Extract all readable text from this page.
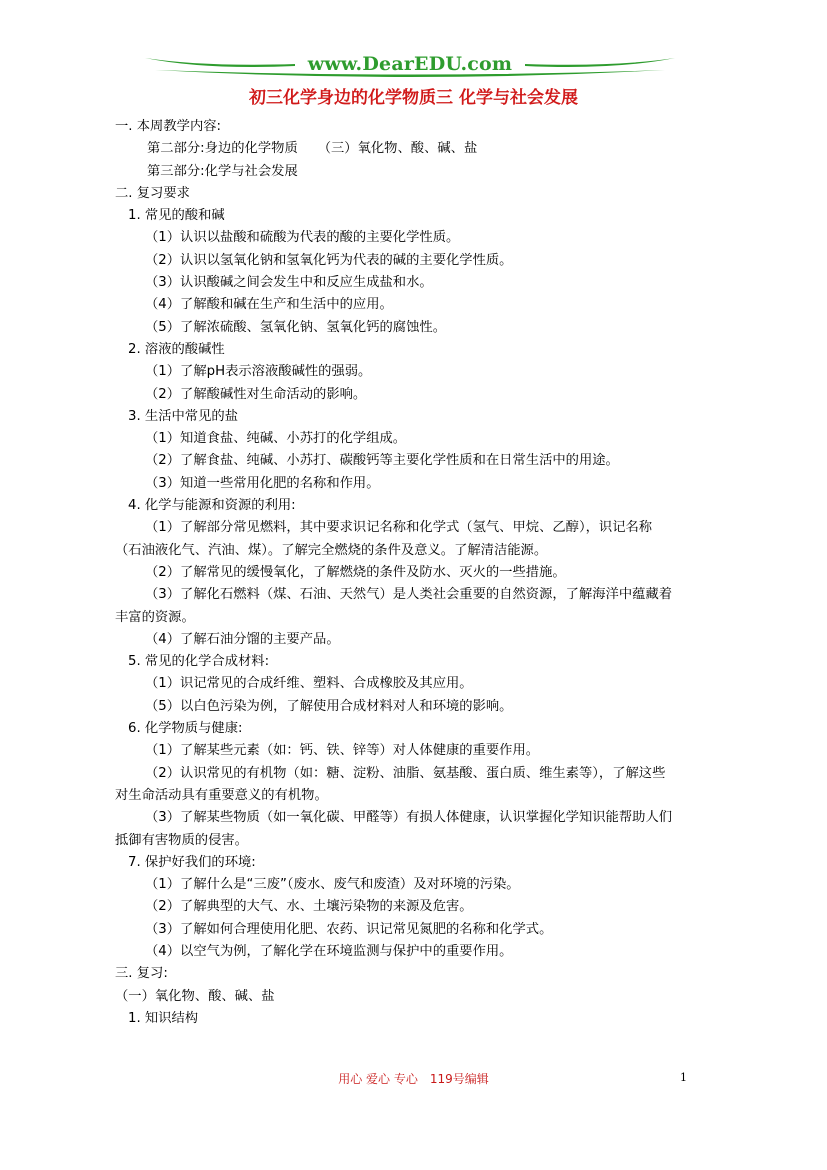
www.DearEDU.com
初三化学身边的化学物质三 化学与社会发展
一. 本周教学内容:
第二部分:身边的化学物质　　（三）氧化物、酸、碱、盐
第三部分:化学与社会发展
二. 复习要求
1. 常见的酸和碱
（1）认识以盐酸和硫酸为代表的酸的主要化学性质。
（2）认识以氢氧化钠和氢氧化钙为代表的碱的主要化学性质。
（3）认识酸碱之间会发生中和反应生成盐和水。
（4）了解酸和碱在生产和生活中的应用。
（5）了解浓硫酸、氢氧化钠、氢氧化钙的腐蚀性。
2. 溶液的酸碱性
（1）了解pH表示溶液酸碱性的强弱。
（2）了解酸碱性对生命活动的影响。
3. 生活中常见的盐
（1）知道食盐、纯碱、小苏打的化学组成。
（2）了解食盐、纯碱、小苏打、碳酸钙等主要化学性质和在日常生活中的用途。
（3）知道一些常用化肥的名称和作用。
4. 化学与能源和资源的利用:
（1）了解部分常见燃料，其中要求识记名称和化学式（氢气、甲烷、乙醇），识记名称
（石油液化气、汽油、煤）。了解完全燃烧的条件及意义。了解清洁能源。
（2）了解常见的缓慢氧化，了解燃烧的条件及防水、灭火的一些措施。
（3）了解化石燃料（煤、石油、天然气）是人类社会重要的自然资源，了解海洋中蕴藏着
丰富的资源。
（4）了解石油分馏的主要产品。
5. 常见的化学合成材料:
（1）识记常见的合成纤维、塑料、合成橡胶及其应用。
（5）以白色污染为例，了解使用合成材料对人和环境的影响。
6. 化学物质与健康:
（1）了解某些元素（如：钙、铁、锌等）对人体健康的重要作用。
（2）认识常见的有机物（如：糖、淀粉、油脂、氨基酸、蛋白质、维生素等），了解这些
对生命活动具有重要意义的有机物。
（3）了解某些物质（如一氧化碳、甲醛等）有损人体健康，认识掌握化学知识能帮助人们
抵御有害物质的侵害。
7. 保护好我们的环境:
（1）了解什么是“三废”（废水、废气和废渣）及对环境的污染。
（2）了解典型的大气、水、土壤污染物的来源及危害。
（3）了解如何合理使用化肥、农药、识记常见氮肥的名称和化学式。
（4）以空气为例，了解化学在环境监测与保护中的重要作用。
三. 复习:
（一）氧化物、酸、碱、盐
1. 知识结构
用心 爱心 专心　119号编辑	1
